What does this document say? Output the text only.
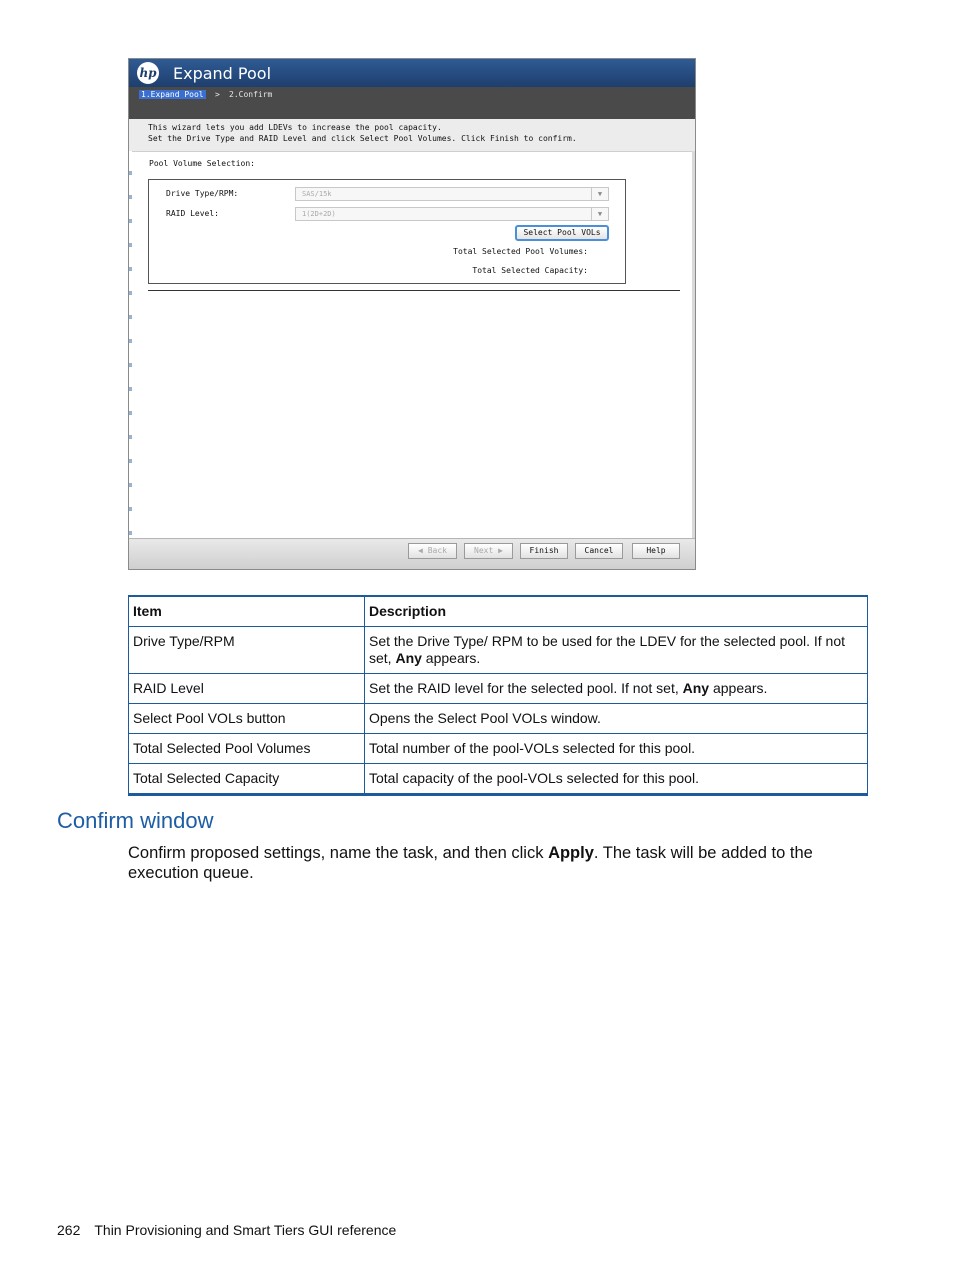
hp Expand Pool
1.Expand Pool > 2.Confirm
This wizard lets you add LDEVs to increase the pool capacity.
Set the Drive Type and RAID Level and click Select Pool Volumes. Click Finish to confirm.
Pool Volume Selection:
Drive Type/RPM:	SAS/15k	▼
RAID Level:	1(2D+2D)	▼
Select Pool VOLs
Total Selected Pool Volumes:
Total Selected Capacity:
◀ Back	Next ▶	Finish	Cancel	Help
Item	Description
Drive Type/RPM	Set the Drive Type/ RPM to be used for the LDEV for the selected pool. If not set, Any appears.
RAID Level	Set the RAID level for the selected pool. If not set, Any appears.
Select Pool VOLs button	Opens the Select Pool VOLs window.
Total Selected Pool Volumes	Total number of the pool-VOLs selected for this pool.
Total Selected Capacity	Total capacity of the pool-VOLs selected for this pool.
Confirm window

Confirm proposed settings, name the task, and then click Apply. The task will be added to the execution queue.

262 Thin Provisioning and Smart Tiers GUI reference
